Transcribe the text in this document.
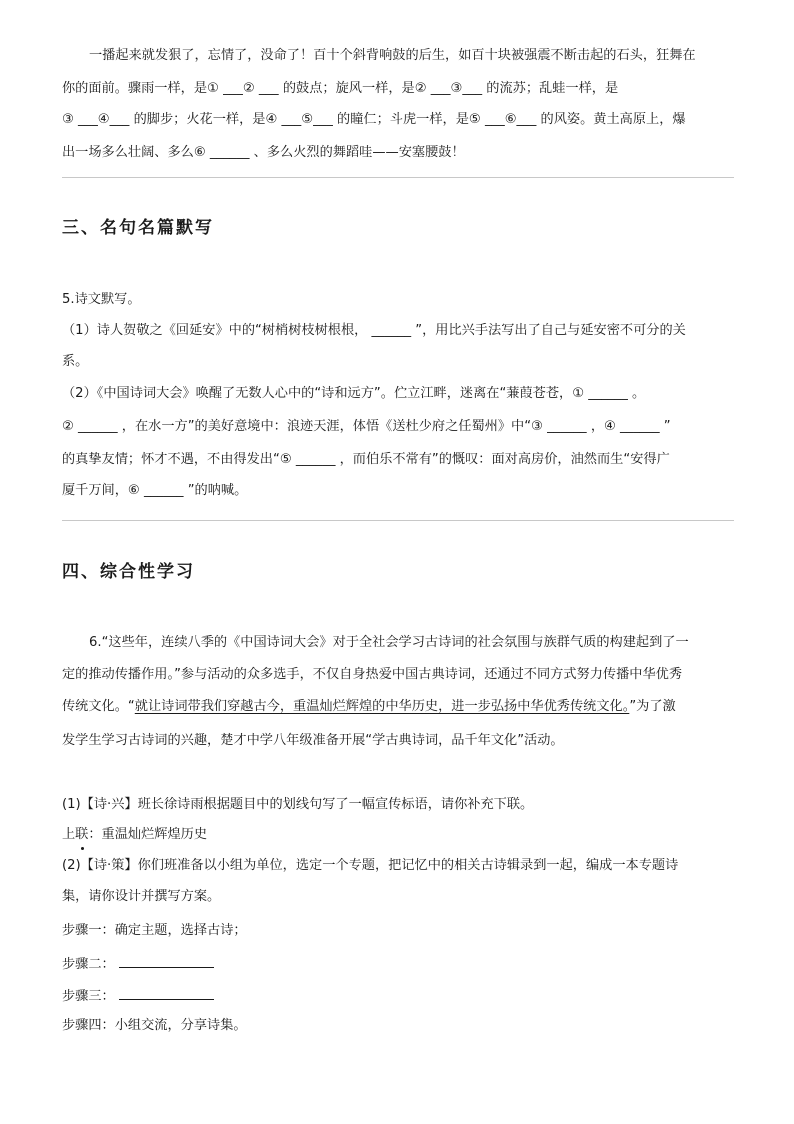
一播起来就发狠了，忘情了，没命了！百十个斜背响鼓的后生，如百十块被强震不断击起的石头，狂舞在
你的面前。骤雨一样，是① ___② ___ 的鼓点；旋风一样，是② ___③___ 的流苏；乱蛙一样，是
③ ___④___ 的脚步；火花一样，是④ ___⑤___ 的瞳仁；斗虎一样，是⑤ ___⑥___ 的风姿。黄土高原上，爆
出一场多么壮阔、多么⑥ ______ 、多么火烈的舞蹈哇——安塞腰鼓！
三、名句名篇默写
5.诗文默写。
（1）诗人贺敬之《回延安》中的“树梢树枝树根根， ______ ”，用比兴手法写出了自己与延安密不可分的关
系。
（2）《中国诗词大会》唤醒了无数人心中的“诗和远方”。伫立江畔，迷离在“蒹葭苍苍，① ______ 。
② ______ ，在水一方”的美好意境中：浪迹天涯，体悟《送杜少府之任蜀州》中“③ ______ ，④ ______ ”
的真挚友情；怀才不遇，不由得发出“⑤ ______ ，而伯乐不常有”的慨叹：面对高房价，油然而生“安得广
厦千万间，⑥ ______ ”的呐喊。
四、综合性学习
6.“这些年，连续八季的《中国诗词大会》对于全社会学习古诗词的社会氛围与族群气质的构建起到了一
定的推动传播作用。”参与活动的众多选手，不仅自身热爱中国古典诗词，还通过不同方式努力传播中华优秀
传统文化。“就让诗词带我们穿越古今，重温灿烂辉煌的中华历史，进一步弘扬中华优秀传统文化。”为了激
发学生学习古诗词的兴趣，楚才中学八年级准备开展“学古典诗词，品千年文化”活动。
(1)【诗·兴】班长徐诗雨根据题目中的划线句写了一幅宣传标语，请你补充下联。
上联：重温灿烂辉煌历史
(2)【诗·策】你们班准备以小组为单位，选定一个专题，把记忆中的相关古诗辑录到一起，编成一本专题诗
集，请你设计并撰写方案。
步骤一：确定主题，选择古诗；
步骤二：
步骤三：
步骤四：小组交流，分享诗集。
